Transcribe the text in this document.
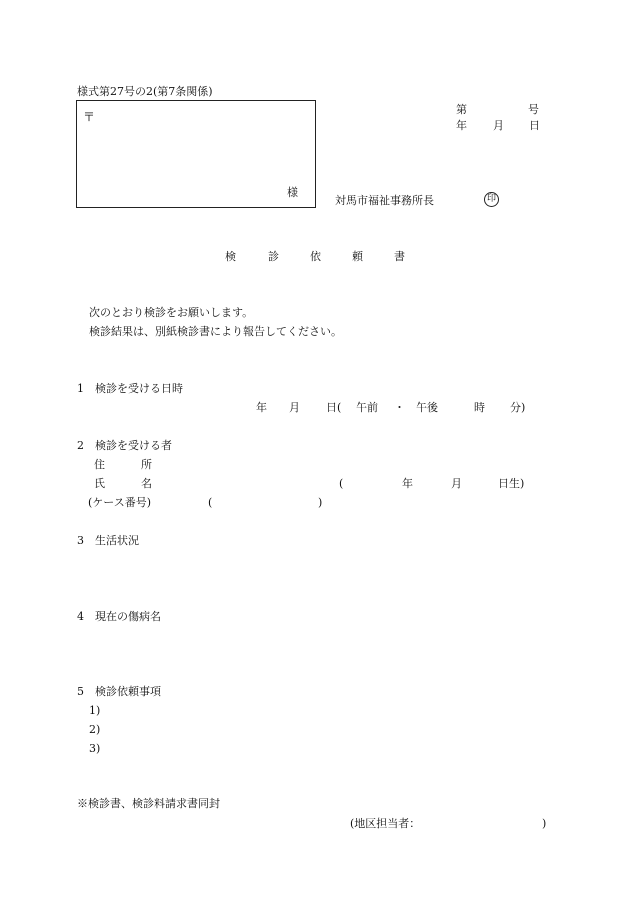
様式第27号の2(第7条関係)
〒
様
第	号
年 月 日
対馬市福祉事務所長	印
検	診	依	頼	書
次のとおり検診をお願いします。
検診結果は、別紙検診書により報告してください。
1　検診を受ける日時
年 月 日( 午前 ・ 午後	時 分)
2　検診を受ける者
住	所
氏	名	(	年	月	日生)
(ケース番号)	(	)
3　生活状況
4　現在の傷病名
5　検診依頼事項
1)
2)
3)
※検診書、検診料請求書同封
(地区担当者：	)
